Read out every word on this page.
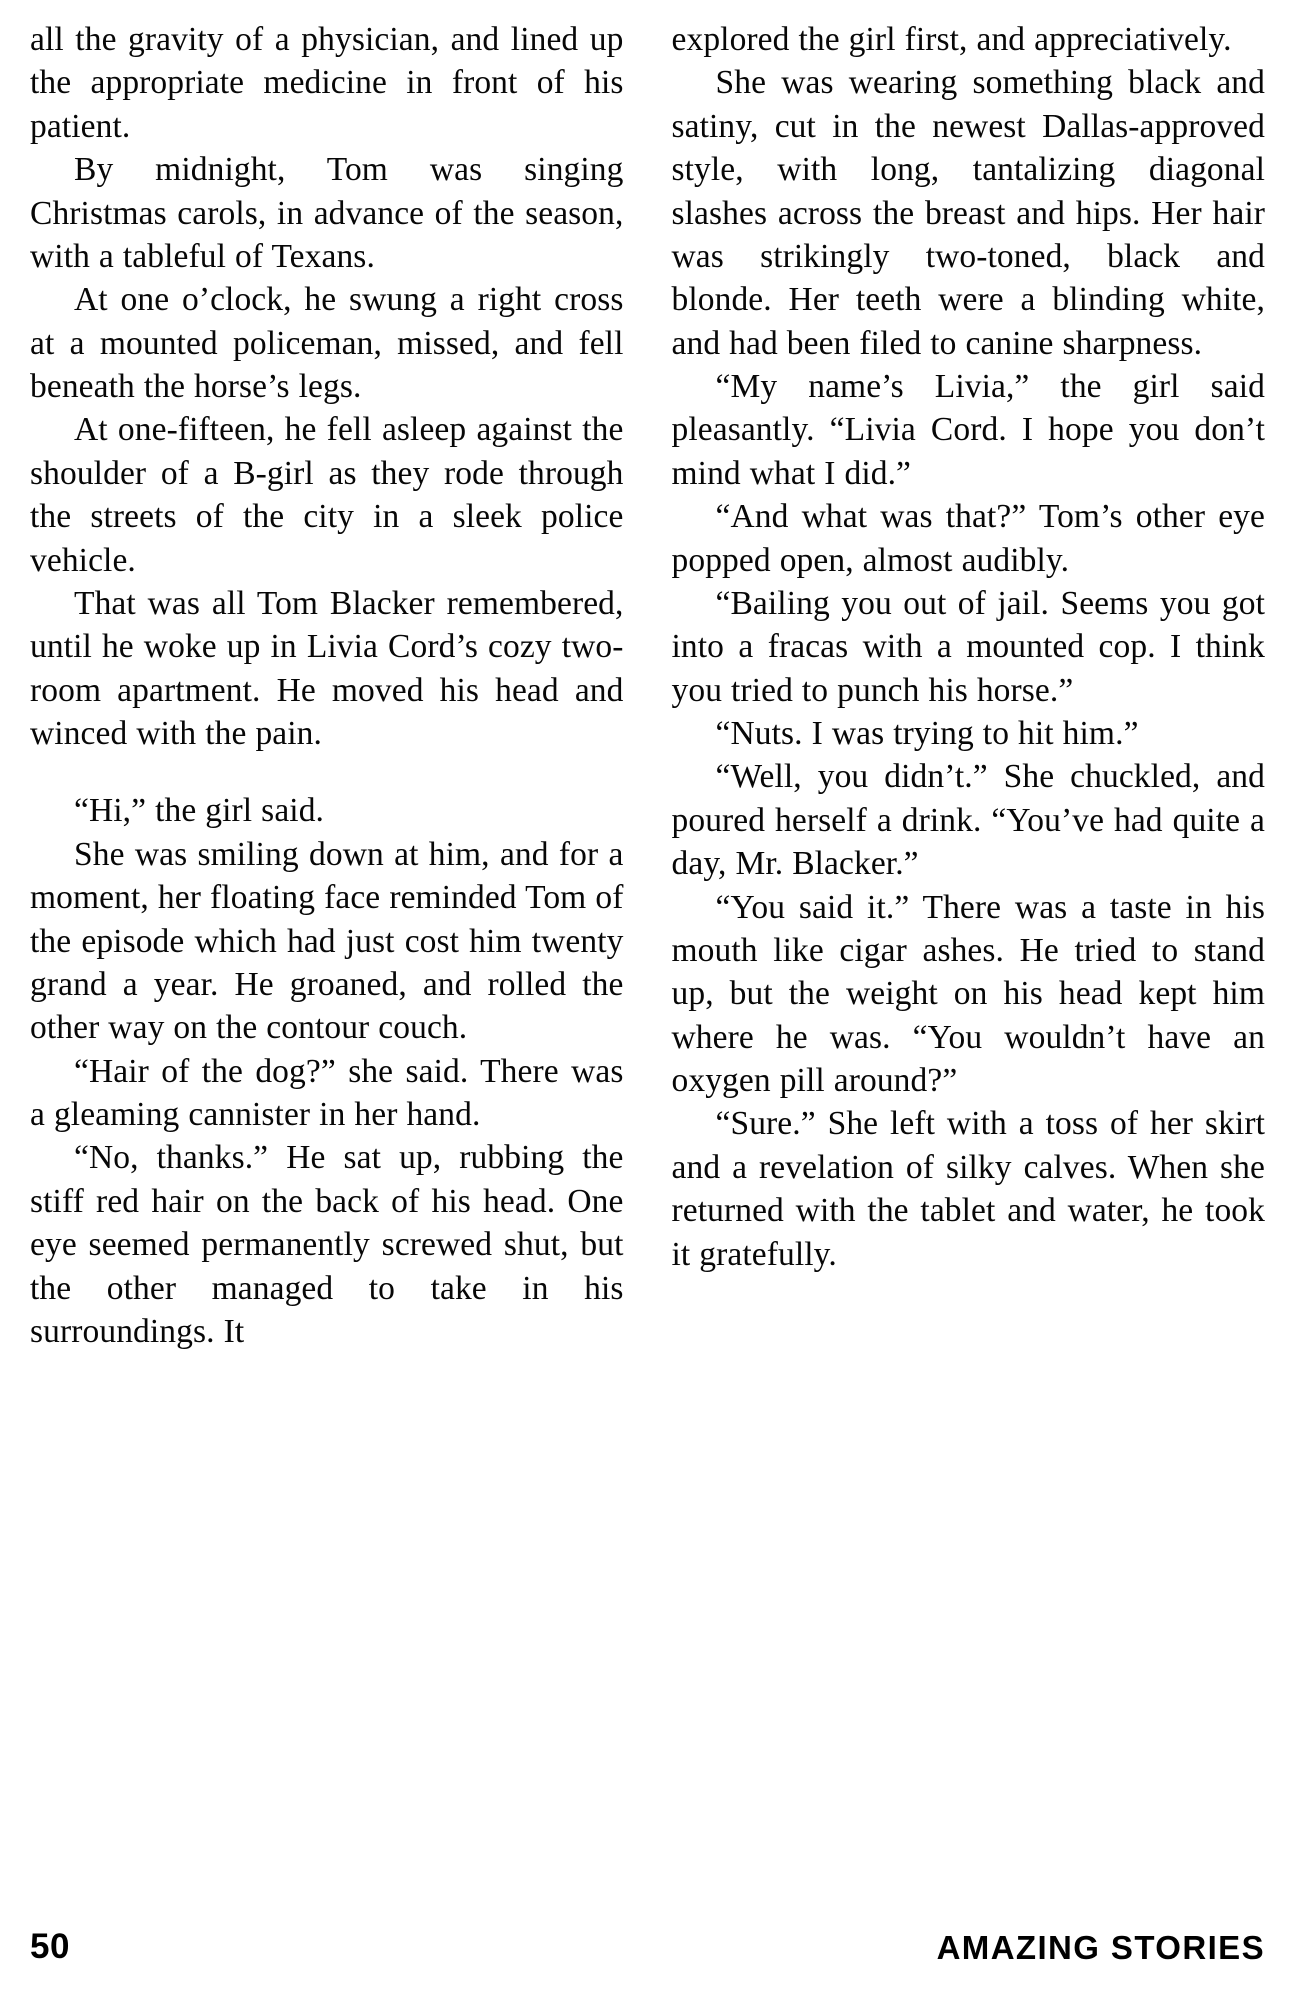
all the gravity of a physician, and lined up the appropriate medicine in front of his patient.

By midnight, Tom was singing Christmas carols, in advance of the season, with a tableful of Texans.

At one o’clock, he swung a right cross at a mounted policeman, missed, and fell beneath the horse’s legs.

At one-fifteen, he fell asleep against the shoulder of a B-girl as they rode through the streets of the city in a sleek police vehicle.

That was all Tom Blacker remembered, until he woke up in Livia Cord’s cozy two-room apartment. He moved his head and winced with the pain.

“Hi,” the girl said.

She was smiling down at him, and for a moment, her floating face reminded Tom of the episode which had just cost him twenty grand a year. He groaned, and rolled the other way on the contour couch.

“Hair of the dog?” she said. There was a gleaming cannister in her hand.

“No, thanks.” He sat up, rubbing the stiff red hair on the back of his head. One eye seemed permanently screwed shut, but the other managed to take in his surroundings. It

explored the girl first, and appreciatively.

She was wearing something black and satiny, cut in the newest Dallas-approved style, with long, tantalizing diagonal slashes across the breast and hips. Her hair was strikingly two-toned, black and blonde. Her teeth were a blinding white, and had been filed to canine sharpness.

“My name’s Livia,” the girl said pleasantly. “Livia Cord. I hope you don’t mind what I did.”

“And what was that?” Tom’s other eye popped open, almost audibly.

“Bailing you out of jail. Seems you got into a fracas with a mounted cop. I think you tried to punch his horse.”

“Nuts. I was trying to hit him.”

“Well, you didn’t.” She chuckled, and poured herself a drink. “You’ve had quite a day, Mr. Blacker.”

“You said it.” There was a taste in his mouth like cigar ashes. He tried to stand up, but the weight on his head kept him where he was. “You wouldn’t have an oxygen pill around?”

“Sure.” She left with a toss of her skirt and a revelation of silky calves. When she returned with the tablet and water, he took it gratefully.

50	AMAZING STORIES
